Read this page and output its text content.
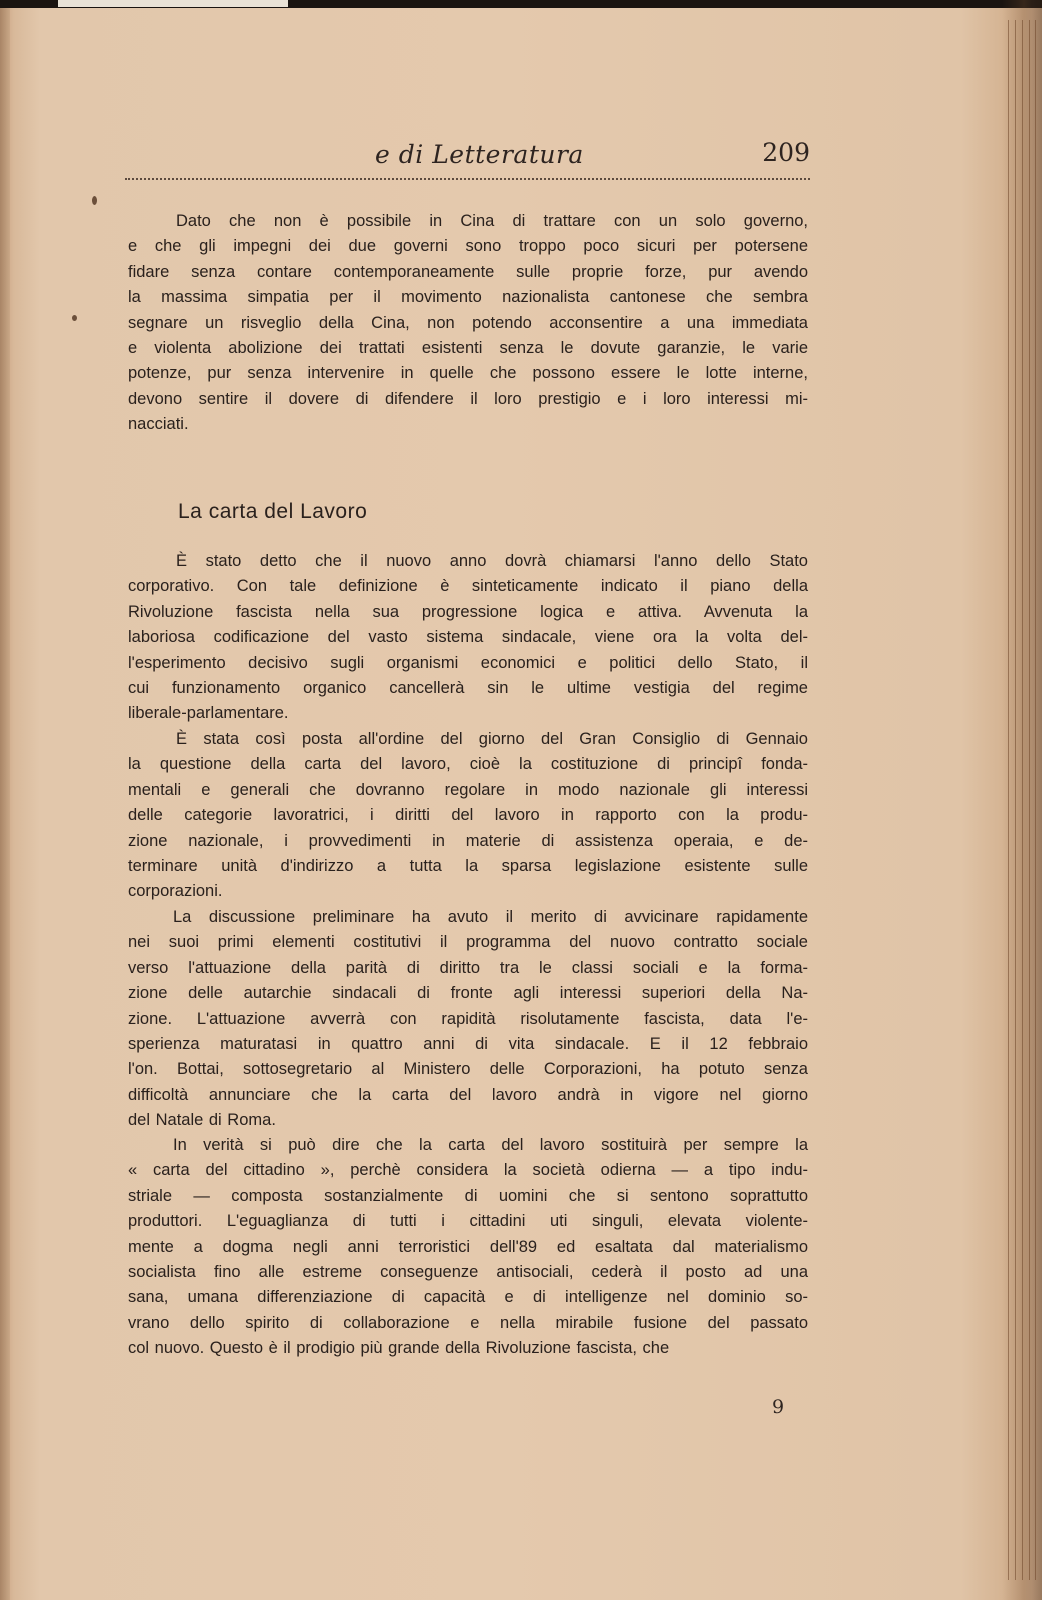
e di Letteratura	209
Dato che non è possibile in Cina di trattare con un solo governo,
e che gli impegni dei due governi sono troppo poco sicuri per potersene
fidare senza contare contemporaneamente sulle proprie forze, pur avendo
la massima simpatia per il movimento nazionalista cantonese che sembra
segnare un risveglio della Cina, non potendo acconsentire a una immediata
e violenta abolizione dei trattati esistenti senza le dovute garanzie, le varie
potenze, pur senza intervenire in quelle che possono essere le lotte interne,
devono sentire il dovere di difendere il loro prestigio e i loro interessi mi-
nacciati.
La carta del Lavoro
È stato detto che il nuovo anno dovrà chiamarsi l'anno dello Stato
corporativo. Con tale definizione è sinteticamente indicato il piano della
Rivoluzione fascista nella sua progressione logica e attiva. Avvenuta la
laboriosa codificazione del vasto sistema sindacale, viene ora la volta del-
l'esperimento decisivo sugli organismi economici e politici dello Stato, il
cui funzionamento organico cancellerà sin le ultime vestigia del regime
liberale-parlamentare.
È stata così posta all'ordine del giorno del Gran Consiglio di Gennaio
la questione della carta del lavoro, cioè la costituzione di principî fonda-
mentali e generali che dovranno regolare in modo nazionale gli interessi
delle categorie lavoratrici, i diritti del lavoro in rapporto con la produ-
zione nazionale, i provvedimenti in materie di assistenza operaia, e de-
terminare unità d'indirizzo a tutta la sparsa legislazione esistente sulle
corporazioni.
La discussione preliminare ha avuto il merito di avvicinare rapidamente
nei suoi primi elementi costitutivi il programma del nuovo contratto sociale
verso l'attuazione della parità di diritto tra le classi sociali e la forma-
zione delle autarchie sindacali di fronte agli interessi superiori della Na-
zione. L'attuazione avverrà con rapidità risolutamente fascista, data l'e-
sperienza maturatasi in quattro anni di vita sindacale. E il 12 febbraio
l'on. Bottai, sottosegretario al Ministero delle Corporazioni, ha potuto senza
difficoltà annunciare che la carta del lavoro andrà in vigore nel giorno
del Natale di Roma.
In verità si può dire che la carta del lavoro sostituirà per sempre la
« carta del cittadino », perchè considera la società odierna — a tipo indu-
striale — composta sostanzialmente di uomini che si sentono soprattutto
produttori. L'eguaglianza di tutti i cittadini uti singuli, elevata violente-
mente a dogma negli anni terroristici dell'89 ed esaltata dal materialismo
socialista fino alle estreme conseguenze antisociali, cederà il posto ad una
sana, umana differenziazione di capacità e di intelligenze nel dominio so-
vrano dello spirito di collaborazione e nella mirabile fusione del passato
col nuovo. Questo è il prodigio più grande della Rivoluzione fascista, che
9
